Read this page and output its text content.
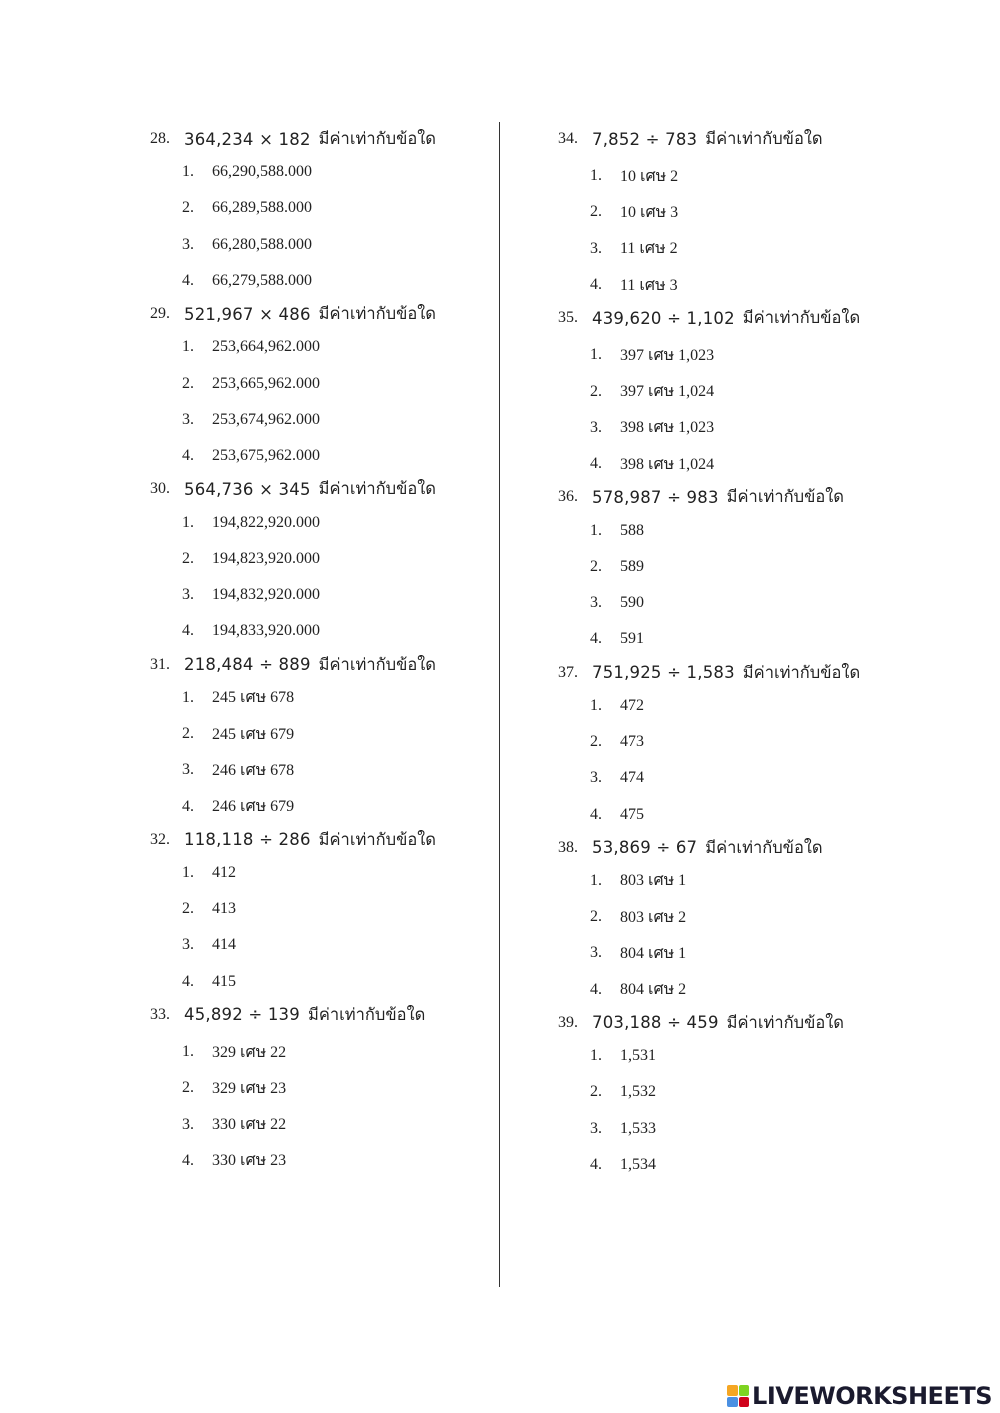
28. 364,234 × 182 มีค่าเท่ากับข้อใด
1.	66,290,588.000
2.	66,289,588.000
3.	66,280,588.000
4.	66,279,588.000
29. 521,967 × 486 มีค่าเท่ากับข้อใด
1.	253,664,962.000
2.	253,665,962.000
3.	253,674,962.000
4.	253,675,962.000
30. 564,736 × 345 มีค่าเท่ากับข้อใด
1.	194,822,920.000
2.	194,823,920.000
3.	194,832,920.000
4.	194,833,920.000
31. 218,484 ÷ 889 มีค่าเท่ากับข้อใด
1.	245 เศษ 678
2.	245 เศษ 679
3.	246 เศษ 678
4.	246 เศษ 679
32. 118,118 ÷ 286 มีค่าเท่ากับข้อใด
1.	412
2.	413
3.	414
4.	415
33. 45,892 ÷ 139 มีค่าเท่ากับข้อใด
1.	329 เศษ 22
2.	329 เศษ 23
3.	330 เศษ 22
4.	330 เศษ 23
34. 7,852 ÷ 783 มีค่าเท่ากับข้อใด
1.	10 เศษ 2
2.	10 เศษ 3
3.	11 เศษ 2
4.	11 เศษ 3
35. 439,620 ÷ 1,102 มีค่าเท่ากับข้อใด
1.	397 เศษ 1,023
2.	397 เศษ 1,024
3.	398 เศษ 1,023
4.	398 เศษ 1,024
36. 578,987 ÷ 983 มีค่าเท่ากับข้อใด
1.	588
2.	589
3.	590
4.	591
37. 751,925 ÷ 1,583 มีค่าเท่ากับข้อใด
1.	472
2.	473
3.	474
4.	475
38. 53,869 ÷ 67 มีค่าเท่ากับข้อใด
1.	803 เศษ 1
2.	803 เศษ 2
3.	804 เศษ 1
4.	804 เศษ 2
39. 703,188 ÷ 459 มีค่าเท่ากับข้อใด
1.	1,531
2.	1,532
3.	1,533
4.	1,534
LIVEWORKSHEETS
